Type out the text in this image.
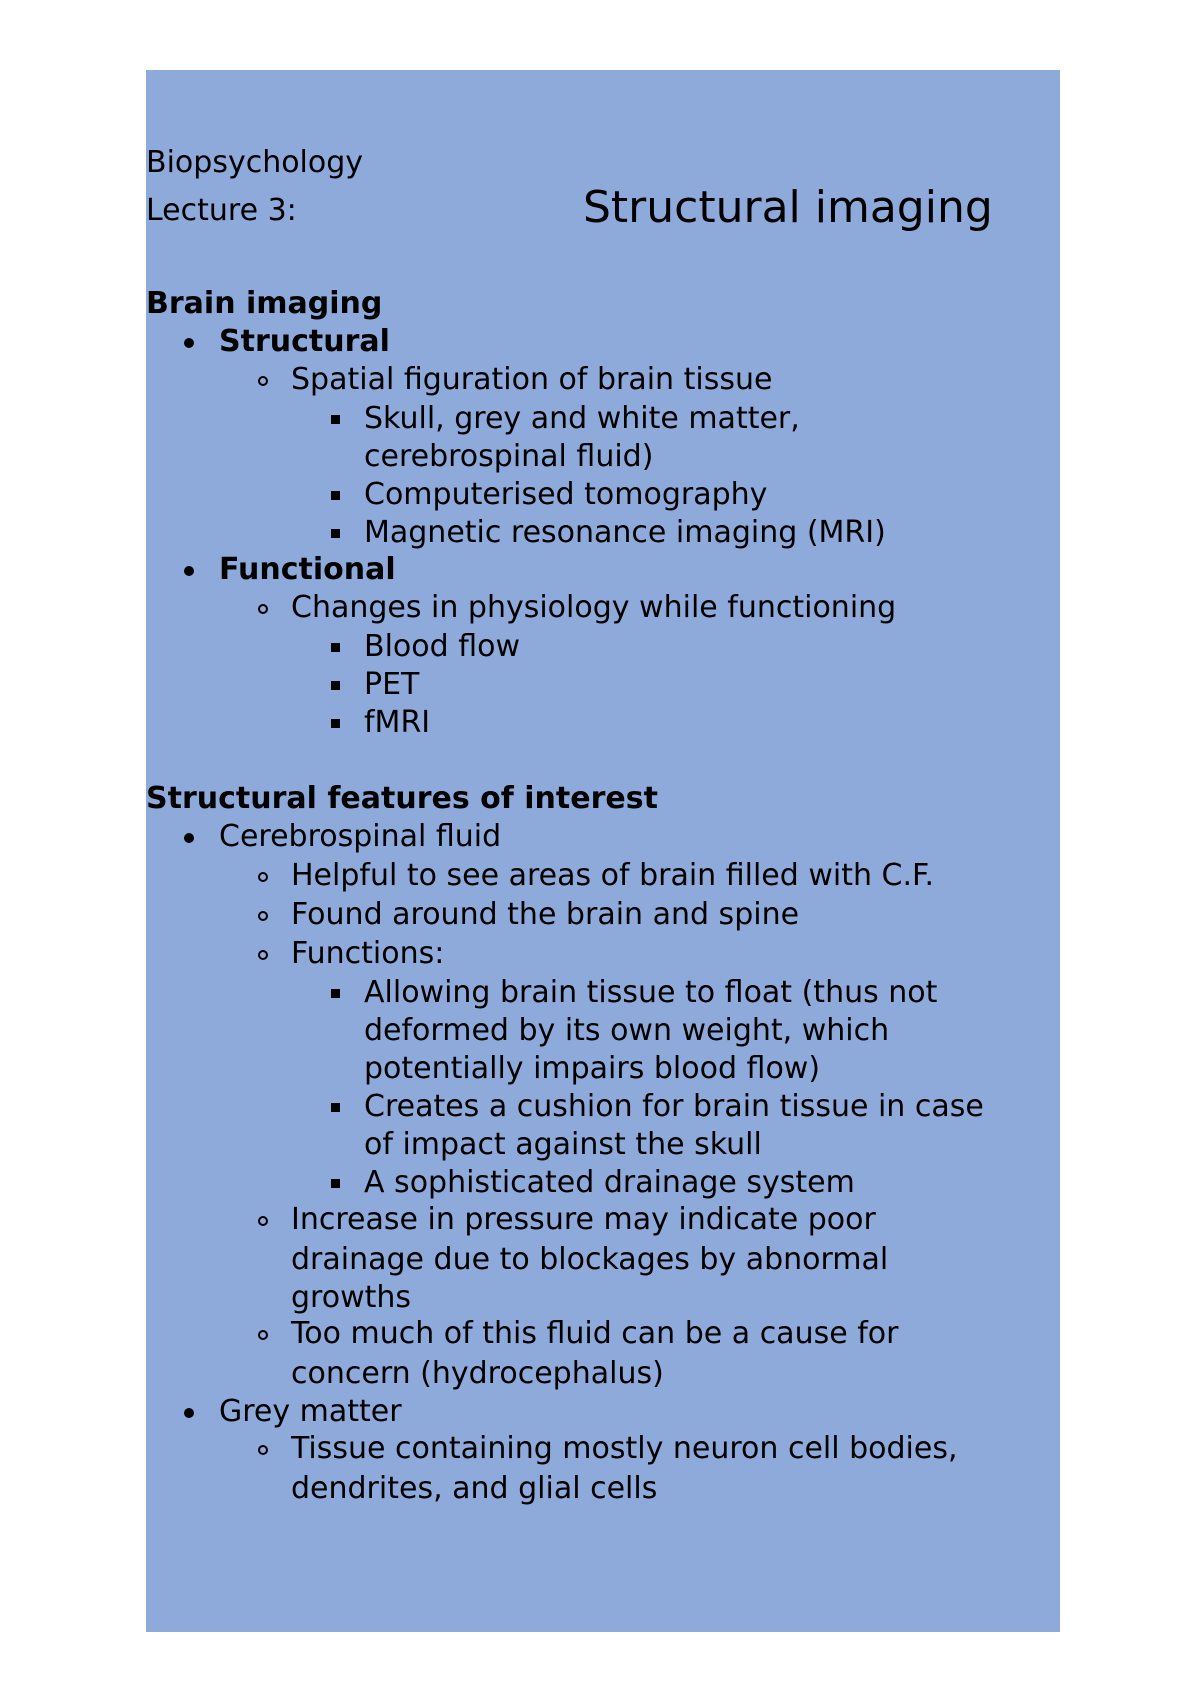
Biopsychology
Lecture 3:	Structural imaging
Brain imaging
Structural
Spatial figuration of brain tissue
Skull, grey and white matter,
cerebrospinal fluid)
Computerised tomography
Magnetic resonance imaging (MRI)
Functional
Changes in physiology while functioning
Blood flow
PET
fMRI
Structural features of interest
Cerebrospinal fluid
Helpful to see areas of brain filled with C.F.
Found around the brain and spine
Functions:
Allowing brain tissue to float (thus not
deformed by its own weight, which
potentially impairs blood flow)
Creates a cushion for brain tissue in case
of impact against the skull
A sophisticated drainage system
Increase in pressure may indicate poor
drainage due to blockages by abnormal
growths
Too much of this fluid can be a cause for
concern (hydrocephalus)
Grey matter
Tissue containing mostly neuron cell bodies,
dendrites, and glial cells
